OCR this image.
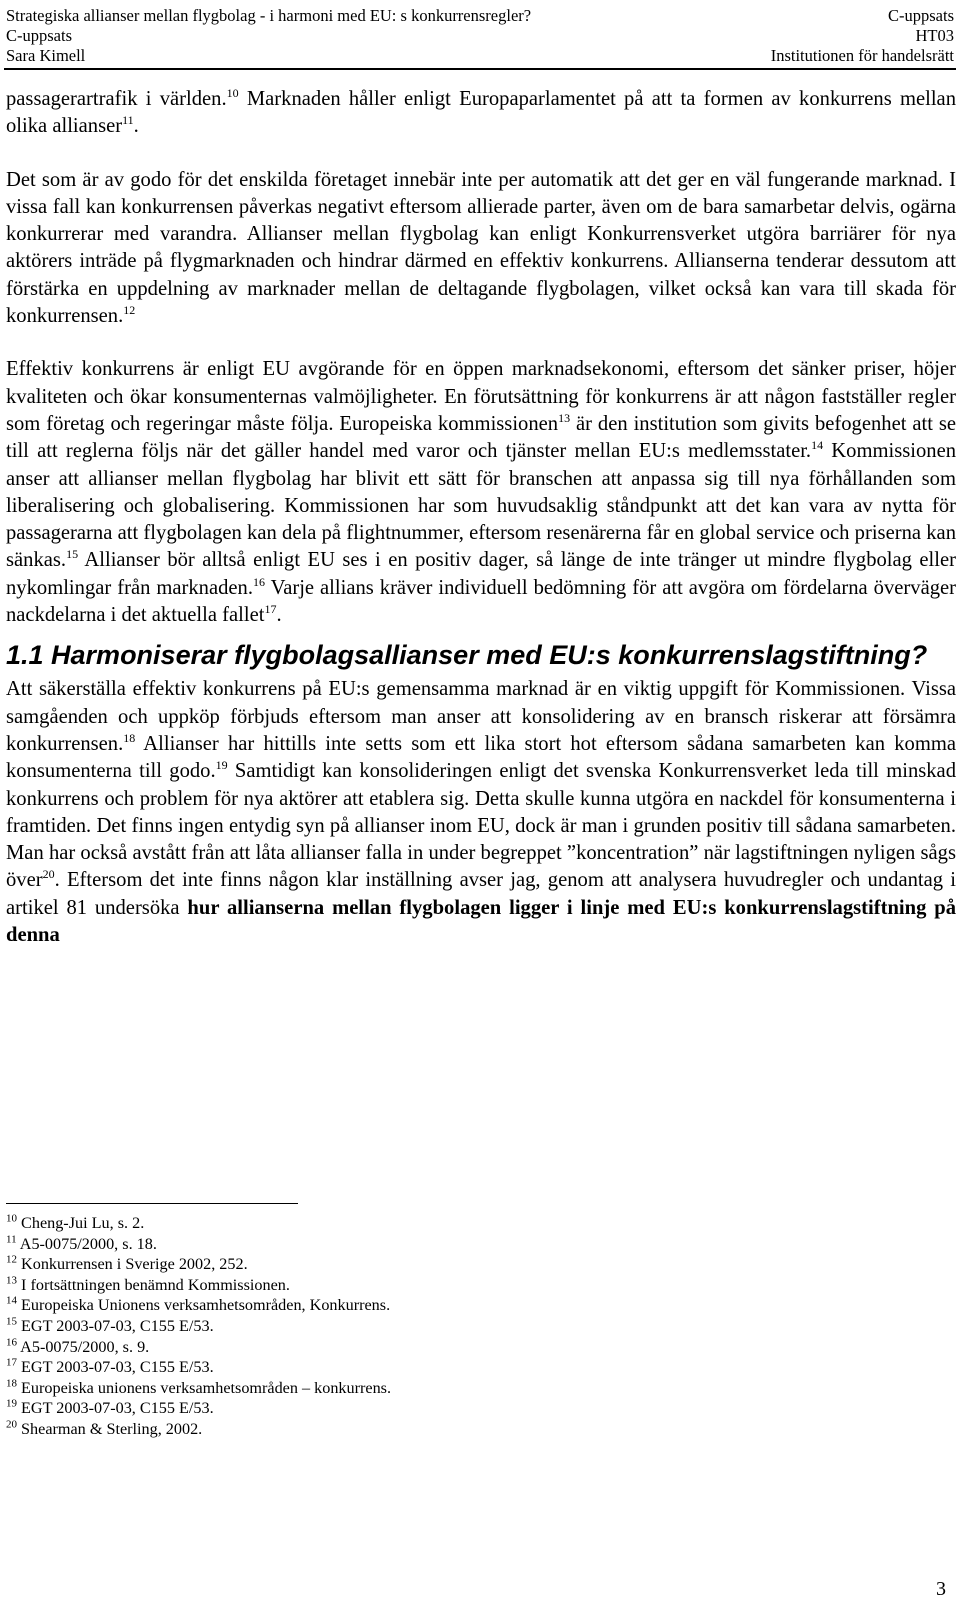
Strategiska allianser mellan flygbolag - i harmoni med EU: s konkurrensregler?	C-uppsats
C-uppsats	HT03
Sara Kimell	Institutionen för handelsrätt

passagerartrafik i världen.$^{10}$ Marknaden håller enligt Europaparlamentet på att ta formen av konkurrens mellan olika allianser$^{11}$.

Det som är av godo för det enskilda företaget innebär inte per automatik att det ger en väl fungerande marknad. I vissa fall kan konkurrensen påverkas negativt eftersom allierade parter, även om de bara samarbetar delvis, ogärna konkurrerar med varandra. Allianser mellan flygbolag kan enligt Konkurrensverket utgöra barriärer för nya aktörers inträde på flygmarknaden och hindrar därmed en effektiv konkurrens. Allianserna tenderar dessutom att förstärka en uppdelning av marknader mellan de deltagande flygbolagen, vilket också kan vara till skada för konkurrensen.$^{12}$

Effektiv konkurrens är enligt EU avgörande för en öppen marknadsekonomi, eftersom det sänker priser, höjer kvaliteten och ökar konsumenternas valmöjligheter. En förutsättning för konkurrens är att någon fastställer regler som företag och regeringar måste följa. Europeiska kommissionen$^{13}$ är den institution som givits befogenhet att se till att reglerna följs när det gäller handel med varor och tjänster mellan EU:s medlemsstater.$^{14}$ Kommissionen anser att allianser mellan flygbolag har blivit ett sätt för branschen att anpassa sig till nya förhållanden som liberalisering och globalisering. Kommissionen har som huvudsaklig ståndpunkt att det kan vara av nytta för passagerarna att flygbolagen kan dela på flightnummer, eftersom resenärerna får en global service och priserna kan sänkas.$^{15}$ Allianser bör alltså enligt EU ses i en positiv dager, så länge de inte tränger ut mindre flygbolag eller nykomlingar från marknaden.$^{16}$ Varje allians kräver individuell bedömning för att avgöra om fördelarna överväger nackdelarna i det aktuella fallet$^{17}$.

1.1 Harmoniserar flygbolagsallianser med EU:s konkurrenslagstiftning?

Att säkerställa effektiv konkurrens på EU:s gemensamma marknad är en viktig uppgift för Kommissionen. Vissa samgåenden och uppköp förbjuds eftersom man anser att konsolidering av en bransch riskerar att försämra konkurrensen.$^{18}$ Allianser har hittills inte setts som ett lika stort hot eftersom sådana samarbeten kan komma konsumenterna till godo.$^{19}$ Samtidigt kan konsolideringen enligt det svenska Konkurrensverket leda till minskad konkurrens och problem för nya aktörer att etablera sig. Detta skulle kunna utgöra en nackdel för konsumenterna i framtiden. Det finns ingen entydig syn på allianser inom EU, dock är man i grunden positiv till sådana samarbeten. Man har också avstått från att låta allianser falla in under begreppet ”koncentration” när lagstiftningen nyligen sågs över$^{20}$. Eftersom det inte finns någon klar inställning avser jag, genom att analysera huvudregler och undantag i artikel 81 undersöka hur allianserna mellan flygbolagen ligger i linje med EU:s konkurrenslagstiftning på denna

$^{10}$ Cheng-Jui Lu, s. 2.
$^{11}$ A5-0075/2000, s. 18.
$^{12}$ Konkurrensen i Sverige 2002, 252.
$^{13}$ I fortsättningen benämnd Kommissionen.
$^{14}$ Europeiska Unionens verksamhetsområden, Konkurrens.
$^{15}$ EGT 2003-07-03, C155 E/53.
$^{16}$ A5-0075/2000, s. 9.
$^{17}$ EGT 2003-07-03, C155 E/53.
$^{18}$ Europeiska unionens verksamhetsområden – konkurrens.
$^{19}$ EGT 2003-07-03, C155 E/53.
$^{20}$ Shearman & Sterling, 2002.
3
